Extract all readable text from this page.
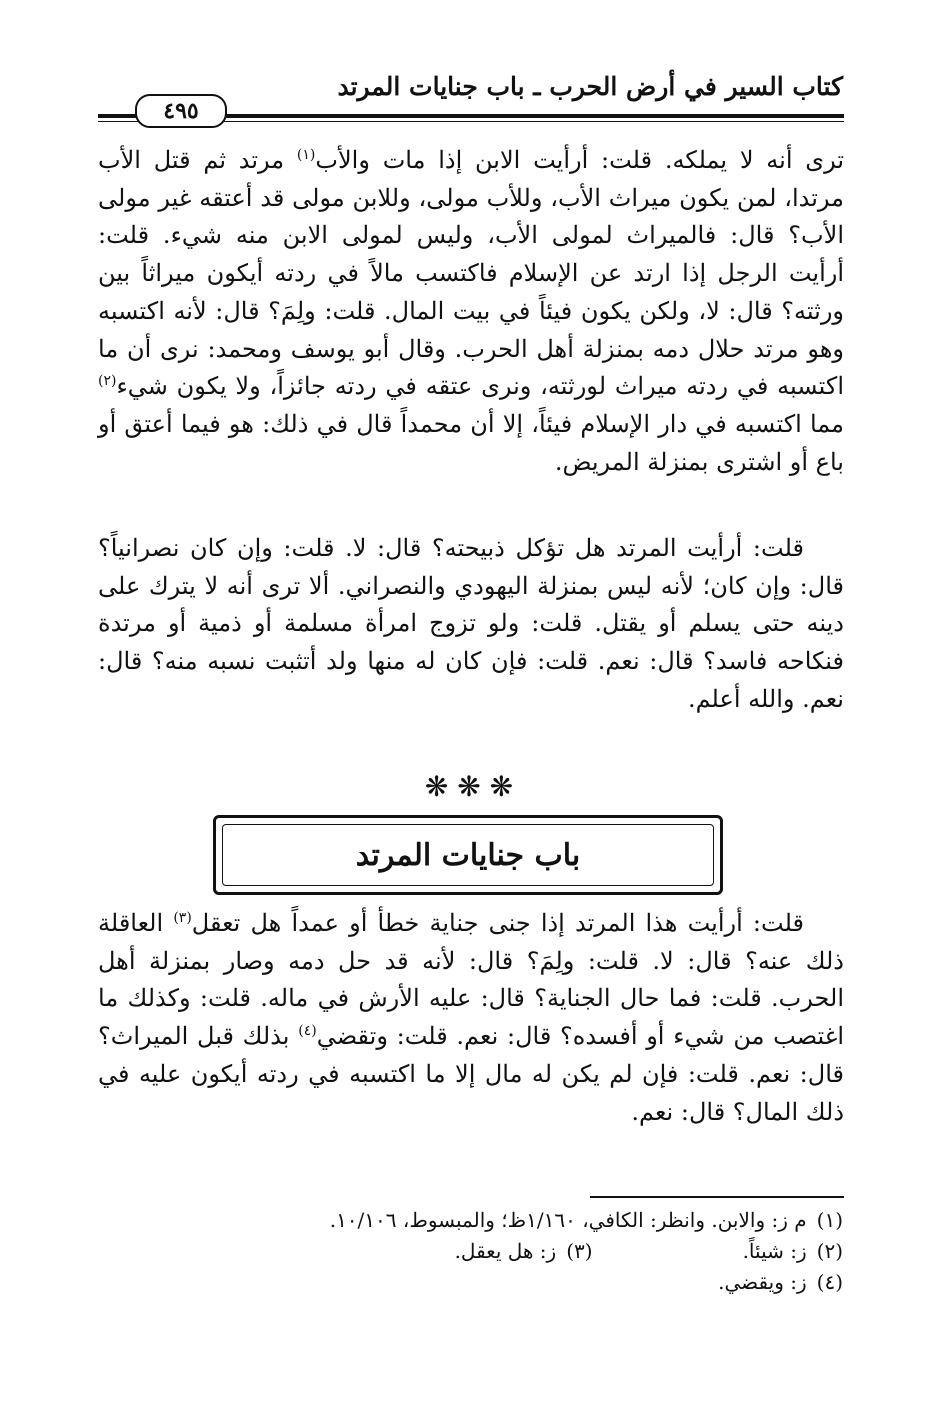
كتاب السير في أرض الحرب ـ باب جنايات المرتد
٤٩٥

ترى أنه لا يملكه. قلت: أرأيت الابن إذا مات والأب$^{(١)}$ مرتد ثم قتل الأب مرتدا، لمن يكون ميراث الأب، وللأب مولى، وللابن مولى قد أعتقه غير مولى الأب؟ قال: فالميراث لمولى الأب، وليس لمولى الابن منه شيء. قلت: أرأيت الرجل إذا ارتد عن الإسلام فاكتسب مالاً في ردته أيكون ميراثاً بين ورثته؟ قال: لا، ولكن يكون فيئاً في بيت المال. قلت: ولِمَ؟ قال: لأنه اكتسبه وهو مرتد حلال دمه بمنزلة أهل الحرب. وقال أبو يوسف ومحمد: نرى أن ما اكتسبه في ردته ميراث لورثته، ونرى عتقه في ردته جائزاً، ولا يكون شيء$^{(٢)}$ مما اكتسبه في دار الإسلام فيئاً، إلا أن محمداً قال في ذلك: هو فيما أعتق أو باع أو اشترى بمنزلة المريض.

قلت: أرأيت المرتد هل تؤكل ذبيحته؟ قال: لا. قلت: وإن كان نصرانياً؟ قال: وإن كان؛ لأنه ليس بمنزلة اليهودي والنصراني. ألا ترى أنه لا يترك على دينه حتى يسلم أو يقتل. قلت: ولو تزوج امرأة مسلمة أو ذمية أو مرتدة فنكاحه فاسد؟ قال: نعم. قلت: فإن كان له منها ولد أتثبت نسبه منه؟ قال: نعم. والله أعلم.

❋ ❋ ❋
باب جنايات المرتد

قلت: أرأيت هذا المرتد إذا جنى جناية خطأ أو عمداً هل تعقل$^{(٣)}$ العاقلة ذلك عنه؟ قال: لا. قلت: ولِمَ؟ قال: لأنه قد حل دمه وصار بمنزلة أهل الحرب. قلت: فما حال الجناية؟ قال: عليه الأرش في ماله. قلت: وكذلك ما اغتصب من شيء أو أفسده؟ قال: نعم. قلت: وتقضي$^{(٤)}$ بذلك قبل الميراث؟ قال: نعم. قلت: فإن لم يكن له مال إلا ما اكتسبه في ردته أيكون عليه في ذلك المال؟ قال: نعم.

(١)م ز: والابن. وانظر: الكافي، ١/١٦٠ظ؛ والمبسوط، ١٠/١٠٦.
(٢)ز: شيئاً.
(٣)ز: هل يعقل.
(٤)ز: ويقضي.
